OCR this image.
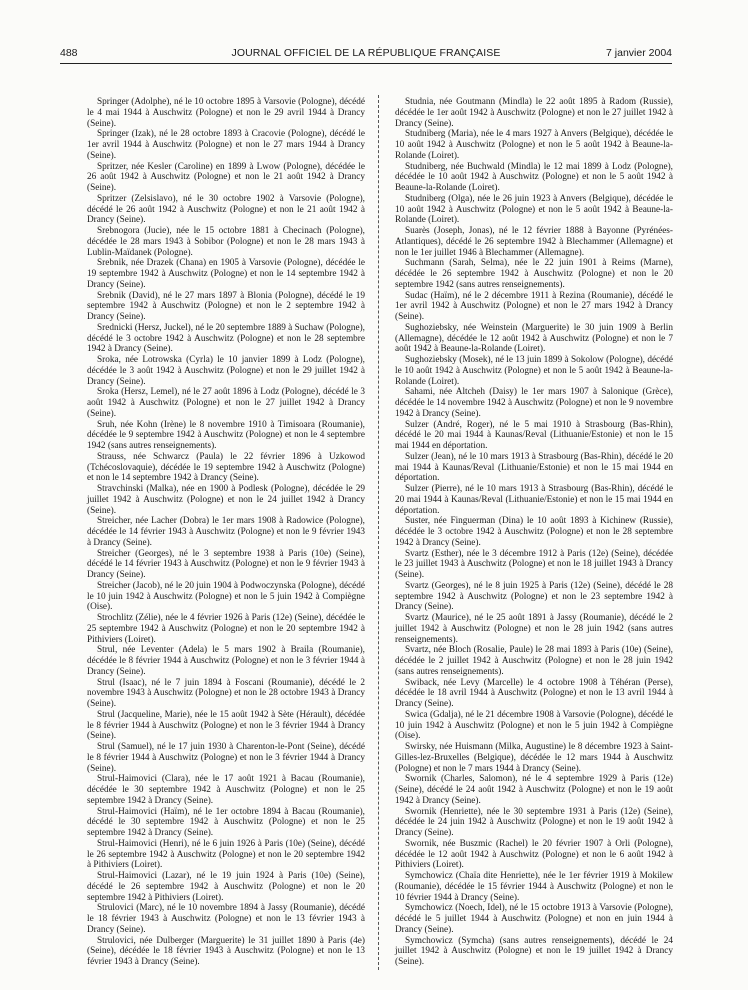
488	JOURNAL OFFICIEL DE LA RÉPUBLIQUE FRANÇAISE	7 janvier 2004

Springer (Adolphe), né le 10 octobre 1895 à Varsovie (Pologne), décédé le 4 mai 1944 à Auschwitz (Pologne) et non le 29 avril 1944 à Drancy (Seine).

Springer (Izak), né le 28 octobre 1893 à Cracovie (Pologne), décédé le 1er avril 1944 à Auschwitz (Pologne) et non le 27 mars 1944 à Drancy (Seine).

Spritzer, née Kesler (Caroline) en 1899 à Lwow (Pologne), décédée le 26 août 1942 à Auschwitz (Pologne) et non le 21 août 1942 à Drancy (Seine).

Spritzer (Zelsislavo), né le 30 octobre 1902 à Varsovie (Pologne), décédé le 26 août 1942 à Auschwitz (Pologne) et non le 21 août 1942 à Drancy (Seine).

Srebnogora (Jucie), née le 15 octobre 1881 à Checinach (Pologne), décédée le 28 mars 1943 à Sobibor (Pologne) et non le 28 mars 1943 à Lublin-Maïdanek (Pologne).

Srebnik, née Drazek (Chana) en 1905 à Varsovie (Pologne), décédée le 19 septembre 1942 à Auschwitz (Pologne) et non le 14 septembre 1942 à Drancy (Seine).

Srebnik (David), né le 27 mars 1897 à Blonia (Pologne), décédé le 19 septembre 1942 à Auschwitz (Pologne) et non le 2 septembre 1942 à Drancy (Seine).

Srednicki (Hersz, Juckel), né le 20 septembre 1889 à Suchaw (Pologne), décédé le 3 octobre 1942 à Auschwitz (Pologne) et non le 28 septembre 1942 à Drancy (Seine).

Sroka, née Lotrowska (Cyrla) le 10 janvier 1899 à Lodz (Pologne), décédée le 3 août 1942 à Auschwitz (Pologne) et non le 29 juillet 1942 à Drancy (Seine).

Sroka (Hersz, Lemel), né le 27 août 1896 à Lodz (Pologne), décédé le 3 août 1942 à Auschwitz (Pologne) et non le 27 juillet 1942 à Drancy (Seine).

Sruh, née Kohn (Irène) le 8 novembre 1910 à Timisoara (Roumanie), décédée le 9 septembre 1942 à Auschwitz (Pologne) et non le 4 septembre 1942 (sans autres renseignements).

Strauss, née Schwarcz (Paula) le 22 février 1896 à Uzkowod (Tchécoslovaquie), décédée le 19 septembre 1942 à Auschwitz (Pologne) et non le 14 septembre 1942 à Drancy (Seine).

Stravchinski (Malka), née en 1900 à Podlesk (Pologne), décédée le 29 juillet 1942 à Auschwitz (Pologne) et non le 24 juillet 1942 à Drancy (Seine).

Streicher, née Lacher (Dobra) le 1er mars 1908 à Radowice (Pologne), décédée le 14 février 1943 à Auschwitz (Pologne) et non le 9 février 1943 à Drancy (Seine).

Streicher (Georges), né le 3 septembre 1938 à Paris (10e) (Seine), décédé le 14 février 1943 à Auschwitz (Pologne) et non le 9 février 1943 à Drancy (Seine).

Streicher (Jacob), né le 20 juin 1904 à Podwoczynska (Pologne), décédé le 10 juin 1942 à Auschwitz (Pologne) et non le 5 juin 1942 à Compiègne (Oise).

Strochlitz (Zélie), née le 4 février 1926 à Paris (12e) (Seine), décédée le 25 septembre 1942 à Auschwitz (Pologne) et non le 20 septembre 1942 à Pithiviers (Loiret).

Strul, née Leventer (Adela) le 5 mars 1902 à Braila (Roumanie), décédée le 8 février 1944 à Auschwitz (Pologne) et non le 3 février 1944 à Drancy (Seine).

Strul (Isaac), né le 7 juin 1894 à Foscani (Roumanie), décédé le 2 novembre 1943 à Auschwitz (Pologne) et non le 28 octobre 1943 à Drancy (Seine).

Strul (Jacqueline, Marie), née le 15 août 1942 à Sète (Hérault), décédée le 8 février 1944 à Auschwitz (Pologne) et non le 3 février 1944 à Drancy (Seine).

Strul (Samuel), né le 17 juin 1930 à Charenton-le-Pont (Seine), décédé le 8 février 1944 à Auschwitz (Pologne) et non le 3 février 1944 à Drancy (Seine).

Strul-Haimovici (Clara), née le 17 août 1921 à Bacau (Roumanie), décédée le 30 septembre 1942 à Auschwitz (Pologne) et non le 25 septembre 1942 à Drancy (Seine).

Strul-Haimovici (Haïm), né le 1er octobre 1894 à Bacau (Roumanie), décédé le 30 septembre 1942 à Auschwitz (Pologne) et non le 25 septembre 1942 à Drancy (Seine).

Strul-Haimovici (Henri), né le 6 juin 1926 à Paris (10e) (Seine), décédé le 26 septembre 1942 à Auschwitz (Pologne) et non le 20 septembre 1942 à Pithiviers (Loiret).

Strul-Haimovici (Lazar), né le 19 juin 1924 à Paris (10e) (Seine), décédé le 26 septembre 1942 à Auschwitz (Pologne) et non le 20 septembre 1942 à Pithiviers (Loiret).

Strulovici (Marc), né le 10 novembre 1894 à Jassy (Roumanie), décédé le 18 février 1943 à Auschwitz (Pologne) et non le 13 février 1943 à Drancy (Seine).

Strulovici, née Dulberger (Marguerite) le 31 juillet 1890 à Paris (4e) (Seine), décédée le 18 février 1943 à Auschwitz (Pologne) et non le 13 février 1943 à Drancy (Seine).

Studnia, née Goutmann (Mindla) le 22 août 1895 à Radom (Russie), décédée le 1er août 1942 à Auschwitz (Pologne) et non le 27 juillet 1942 à Drancy (Seine).

Studniberg (Maria), née le 4 mars 1927 à Anvers (Belgique), décédée le 10 août 1942 à Auschwitz (Pologne) et non le 5 août 1942 à Beaune-la-Rolande (Loiret).

Studniberg, née Buchwald (Mindla) le 12 mai 1899 à Lodz (Pologne), décédée le 10 août 1942 à Auschwitz (Pologne) et non le 5 août 1942 à Beaune-la-Rolande (Loiret).

Studniberg (Olga), née le 26 juin 1923 à Anvers (Belgique), décédée le 10 août 1942 à Auschwitz (Pologne) et non le 5 août 1942 à Beaune-la-Rolande (Loiret).

Suarès (Joseph, Jonas), né le 12 février 1888 à Bayonne (Pyrénées-Atlantiques), décédé le 26 septembre 1942 à Blechammer (Allemagne) et non le 1er juillet 1946 à Blechammer (Allemagne).

Suchmann (Sarah, Selma), née le 22 juin 1901 à Reims (Marne), décédée le 26 septembre 1942 à Auschwitz (Pologne) et non le 20 septembre 1942 (sans autres renseignements).

Sudac (Haïm), né le 2 décembre 1911 à Rezina (Roumanie), décédé le 1er avril 1942 à Auschwitz (Pologne) et non le 27 mars 1942 à Drancy (Seine).

Sughoziebsky, née Weinstein (Marguerite) le 30 juin 1909 à Berlin (Allemagne), décédée le 12 août 1942 à Auschwitz (Pologne) et non le 7 août 1942 à Beaune-la-Rolande (Loiret).

Sughoziebsky (Mosek), né le 13 juin 1899 à Sokolow (Pologne), décédé le 10 août 1942 à Auschwitz (Pologne) et non le 5 août 1942 à Beaune-la-Rolande (Loiret).

Sahami, née Altcheh (Daisy) le 1er mars 1907 à Salonique (Grèce), décédée le 14 novembre 1942 à Auschwitz (Pologne) et non le 9 novembre 1942 à Drancy (Seine).

Sulzer (André, Roger), né le 5 mai 1910 à Strasbourg (Bas-Rhin), décédé le 20 mai 1944 à Kaunas/Reval (Lithuanie/Estonie) et non le 15 mai 1944 en déportation.

Sulzer (Jean), né le 10 mars 1913 à Strasbourg (Bas-Rhin), décédé le 20 mai 1944 à Kaunas/Reval (Lithuanie/Estonie) et non le 15 mai 1944 en déportation.

Sulzer (Pierre), né le 10 mars 1913 à Strasbourg (Bas-Rhin), décédé le 20 mai 1944 à Kaunas/Reval (Lithuanie/Estonie) et non le 15 mai 1944 en déportation.

Suster, née Finguerman (Dina) le 10 août 1893 à Kichinew (Russie), décédée le 3 octobre 1942 à Auschwitz (Pologne) et non le 28 septembre 1942 à Drancy (Seine).

Svartz (Esther), née le 3 décembre 1912 à Paris (12e) (Seine), décédée le 23 juillet 1943 à Auschwitz (Pologne) et non le 18 juillet 1943 à Drancy (Seine).

Svartz (Georges), né le 8 juin 1925 à Paris (12e) (Seine), décédé le 28 septembre 1942 à Auschwitz (Pologne) et non le 23 septembre 1942 à Drancy (Seine).

Svartz (Maurice), né le 25 août 1891 à Jassy (Roumanie), décédé le 2 juillet 1942 à Auschwitz (Pologne) et non le 28 juin 1942 (sans autres renseignements).

Svartz, née Bloch (Rosalie, Paule) le 28 mai 1893 à Paris (10e) (Seine), décédée le 2 juillet 1942 à Auschwitz (Pologne) et non le 28 juin 1942 (sans autres renseignements).

Swiback, née Levy (Marcelle) le 4 octobre 1908 à Téhéran (Perse), décédée le 18 avril 1944 à Auschwitz (Pologne) et non le 13 avril 1944 à Drancy (Seine).

Swica (Gdalja), né le 21 décembre 1908 à Varsovie (Pologne), décédé le 10 juin 1942 à Auschwitz (Pologne) et non le 5 juin 1942 à Compiègne (Oise).

Swirsky, née Huismann (Milka, Augustine) le 8 décembre 1923 à Saint-Gilles-lez-Bruxelles (Belgique), décédée le 12 mars 1944 à Auschwitz (Pologne) et non le 7 mars 1944 à Drancy (Seine).

Swornik (Charles, Salomon), né le 4 septembre 1929 à Paris (12e) (Seine), décédé le 24 août 1942 à Auschwitz (Pologne) et non le 19 août 1942 à Drancy (Seine).

Swornik (Henriette), née le 30 septembre 1931 à Paris (12e) (Seine), décédée le 24 juin 1942 à Auschwitz (Pologne) et non le 19 août 1942 à Drancy (Seine).

Swornik, née Buszmic (Rachel) le 20 février 1907 à Orli (Pologne), décédée le 12 août 1942 à Auschwitz (Pologne) et non le 6 août 1942 à Pithiviers (Loiret).

Symchowicz (Chaïa dite Henriette), née le 1er février 1919 à Mokilew (Roumanie), décédée le 15 février 1944 à Auschwitz (Pologne) et non le 10 février 1944 à Drancy (Seine).

Symchowicz (Noech, Idel), né le 15 octobre 1913 à Varsovie (Pologne), décédé le 5 juillet 1944 à Auschwitz (Pologne) et non en juin 1944 à Drancy (Seine).

Symchowicz (Symcha) (sans autres renseignements), décédé le 24 juillet 1942 à Auschwitz (Pologne) et non le 19 juillet 1942 à Drancy (Seine).
